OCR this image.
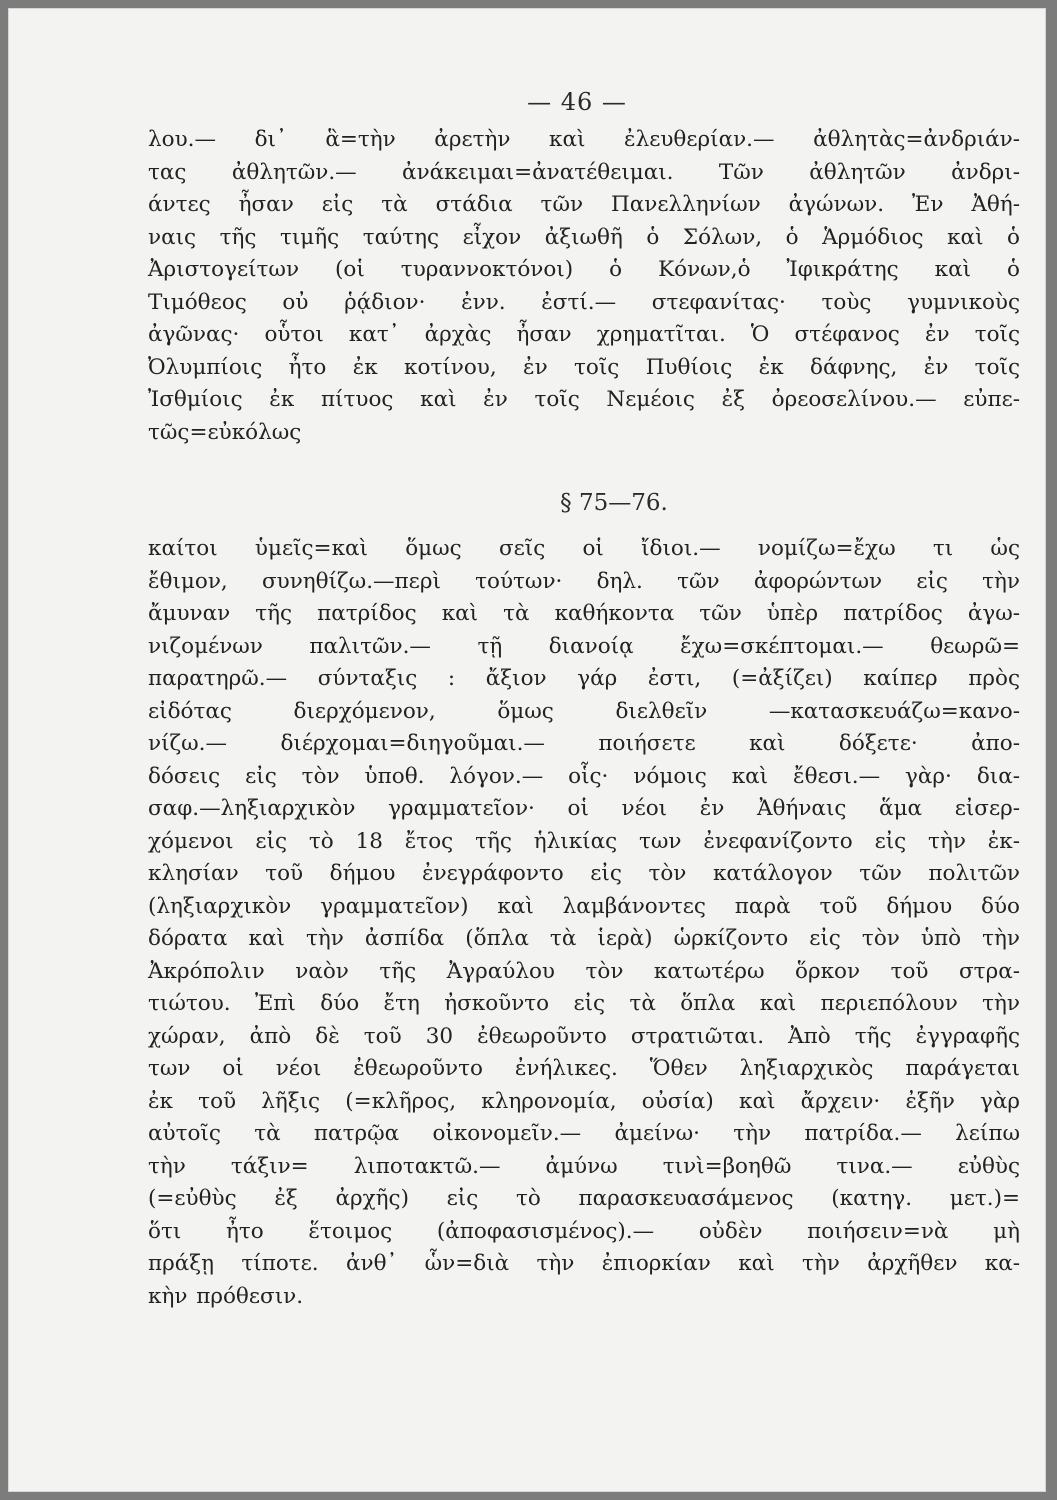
— 46 —
λου.— δι᾽ ἃ=τὴν ἀρετὴν καὶ ἐλευθερίαν.— ἀθλητὰς=ἀνδριάν-
τας ἀθλητῶν.— ἀνάκειμαι=ἀνατέθειμαι. Τῶν ἀθλητῶν ἀνδρι-
άντες ἦσαν εἰς τὰ στάδια τῶν Πανελληνίων ἀγώνων. Ἐν Ἀθή-
ναις τῆς τιμῆς ταύτης εἶχον ἀξιωθῆ ὁ Σόλων, ὁ Ἁρμόδιος καὶ ὁ
Ἀριστογείτων (οἱ τυραννοκτόνοι) ὁ Κόνων,ὁ Ἰφικράτης καὶ ὁ
Τιμόθεος οὐ ῥᾴδιον· ἐνν. ἐστί.— στεφανίτας· τοὺς γυμνικοὺς
ἀγῶνας· οὗτοι κατ᾽ ἀρχὰς ἦσαν χρηματῖται. Ὁ στέφανος ἐν τοῖς
Ὀλυμπίοις ἦτο ἐκ κοτίνου, ἐν τοῖς Πυθίοις ἐκ δάφνης, ἐν τοῖς
Ἰσθμίοις ἐκ πίτυος καὶ ἐν τοῖς Νεμέοις ἐξ ὀρεοσελίνου.— εὐπε-
τῶς=εὐκόλως
§ 75—76.
καίτοι ὑμεῖς=καὶ ὅμως σεῖς οἱ ἴδιοι.— νομίζω=ἔχω τι ὡς
ἔθιμον, συνηθίζω.—περὶ τούτων· δηλ. τῶν ἀφορώντων εἰς τὴν
ἄμυναν τῆς πατρίδος καὶ τὰ καθήκοντα τῶν ὑπὲρ πατρίδος ἀγω-
νιζομένων παλιτῶν.— τῇ διανοίᾳ ἔχω=σκέπτομαι.— θεωρῶ=
παρατηρῶ.— σύνταξις : ἄξιον γάρ ἐστι, (=ἀξίζει) καίπερ πρὸς
εἰδότας διερχόμενον, ὅμως διελθεῖν —κατασκευάζω=κανο-
νίζω.— διέρχομαι=διηγοῦμαι.— ποιήσετε καὶ δόξετε· ἀπο-
δόσεις εἰς τὸν ὑποθ. λόγον.— οἷς· νόμοις καὶ ἔθεσι.— γὰρ· δια-
σαφ.—ληξιαρχικὸν γραμματεῖον· οἱ νέοι ἐν Ἀθήναις ἅμα εἰσερ-
χόμενοι εἰς τὸ 18 ἔτος τῆς ἡλικίας των ἐνεφανίζοντο εἰς τὴν ἐκ-
κλησίαν τοῦ δήμου ἐνεγράφοντο εἰς τὸν κατάλογον τῶν πολιτῶν
(ληξιαρχικὸν γραμματεῖον) καὶ λαμβάνοντες παρὰ τοῦ δήμου δύο
δόρατα καὶ τὴν ἀσπίδα (ὅπλα τὰ ἱερὰ) ὡρκίζοντο εἰς τὸν ὑπὸ τὴν
Ἀκρόπολιν ναὸν τῆς Ἀγραύλου τὸν κατωτέρω ὅρκον τοῦ στρα-
τιώτου. Ἐπὶ δύο ἔτη ἠσκοῦντο εἰς τὰ ὅπλα καὶ περιεπόλουν τὴν
χώραν, ἀπὸ δὲ τοῦ 30 ἐθεωροῦντο στρατιῶται. Ἀπὸ τῆς ἐγγραφῆς
των οἱ νέοι ἐθεωροῦντο ἐνήλικες. Ὅθεν ληξιαρχικὸς παράγεται
ἐκ τοῦ λῆξις (=κλῆρος, κληρονομία, οὐσία) καὶ ἄρχειν· ἐξῆν γὰρ
αὐτοῖς τὰ πατρῷα οἰκονομεῖν.— ἀμείνω· τὴν πατρίδα.— λείπω
τὴν τάξιν= λιποτακτῶ.— ἀμύνω τινὶ=βοηθῶ τινα.— εὐθὺς
(=εὐθὺς ἐξ ἀρχῆς) εἰς τὸ παρασκευασάμενος (κατηγ. μετ.)=
ὅτι ἦτο ἕτοιμος (ἀποφασισμένος).— οὐδὲν ποιήσειν=νὰ μὴ
πράξῃ τίποτε. ἀνθ᾽ ὧν=διὰ τὴν ἐπιορκίαν καὶ τὴν ἀρχῆθεν κα-
κὴν πρόθεσιν.
